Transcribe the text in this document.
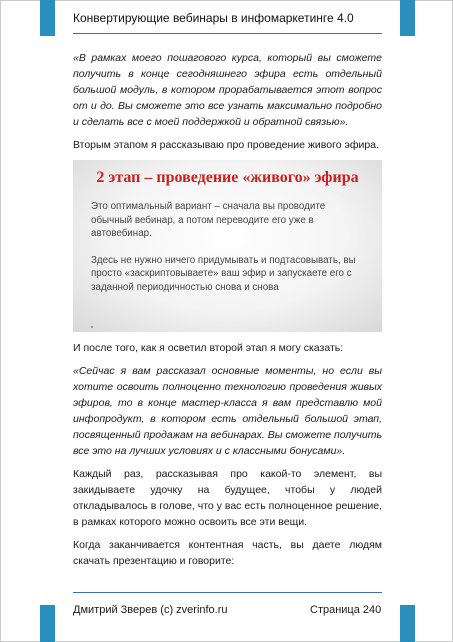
Конвертирующие вебинары в инфомаркетинге 4.0

«В рамках моего пошагового курса, который вы сможете получить в конце сегодняшнего эфира есть отдельный большой модуль, в котором прорабатывается этот вопрос от и до. Вы сможете это все узнать максимально подробно и сделать все с моей поддержкой и обратной связью».

Вторым этапом я рассказываю про проведение живого эфира.

2 этап – проведение «живого» эфира
Это оптимальный вариант – сначала вы проводите обычный вебинар, а потом переводите его уже в автовебинар.
Здесь не нужно ничего придумывать и подтасовывать, вы просто «заскриптовываете» ваш эфир и запускаете его с заданной периодичностью снова и снова

И после того, как я осветил второй этап я могу сказать:

«Сейчас я вам рассказал основные моменты, но если вы хотите освоить полноценно технологию проведения живых эфиров, то в конце мастер-класса я вам представлю мой инфопродукт, в котором есть отдельный большой этап, посвященный продажам на вебинарах. Вы сможете получить все это на лучших условиях и с классными бонусами».

Каждый раз, рассказывая про какой-то элемент, вы закидываете удочку на будущее, чтобы у людей откладывалось в голове, что у вас есть полноценное решение, в рамках которого можно освоить все эти вещи.

Когда заканчивается контентная часть, вы даете людям скачать презентацию и говорите:

Дмитрий Зверев (c) zverinfo.ru	Страница 240
